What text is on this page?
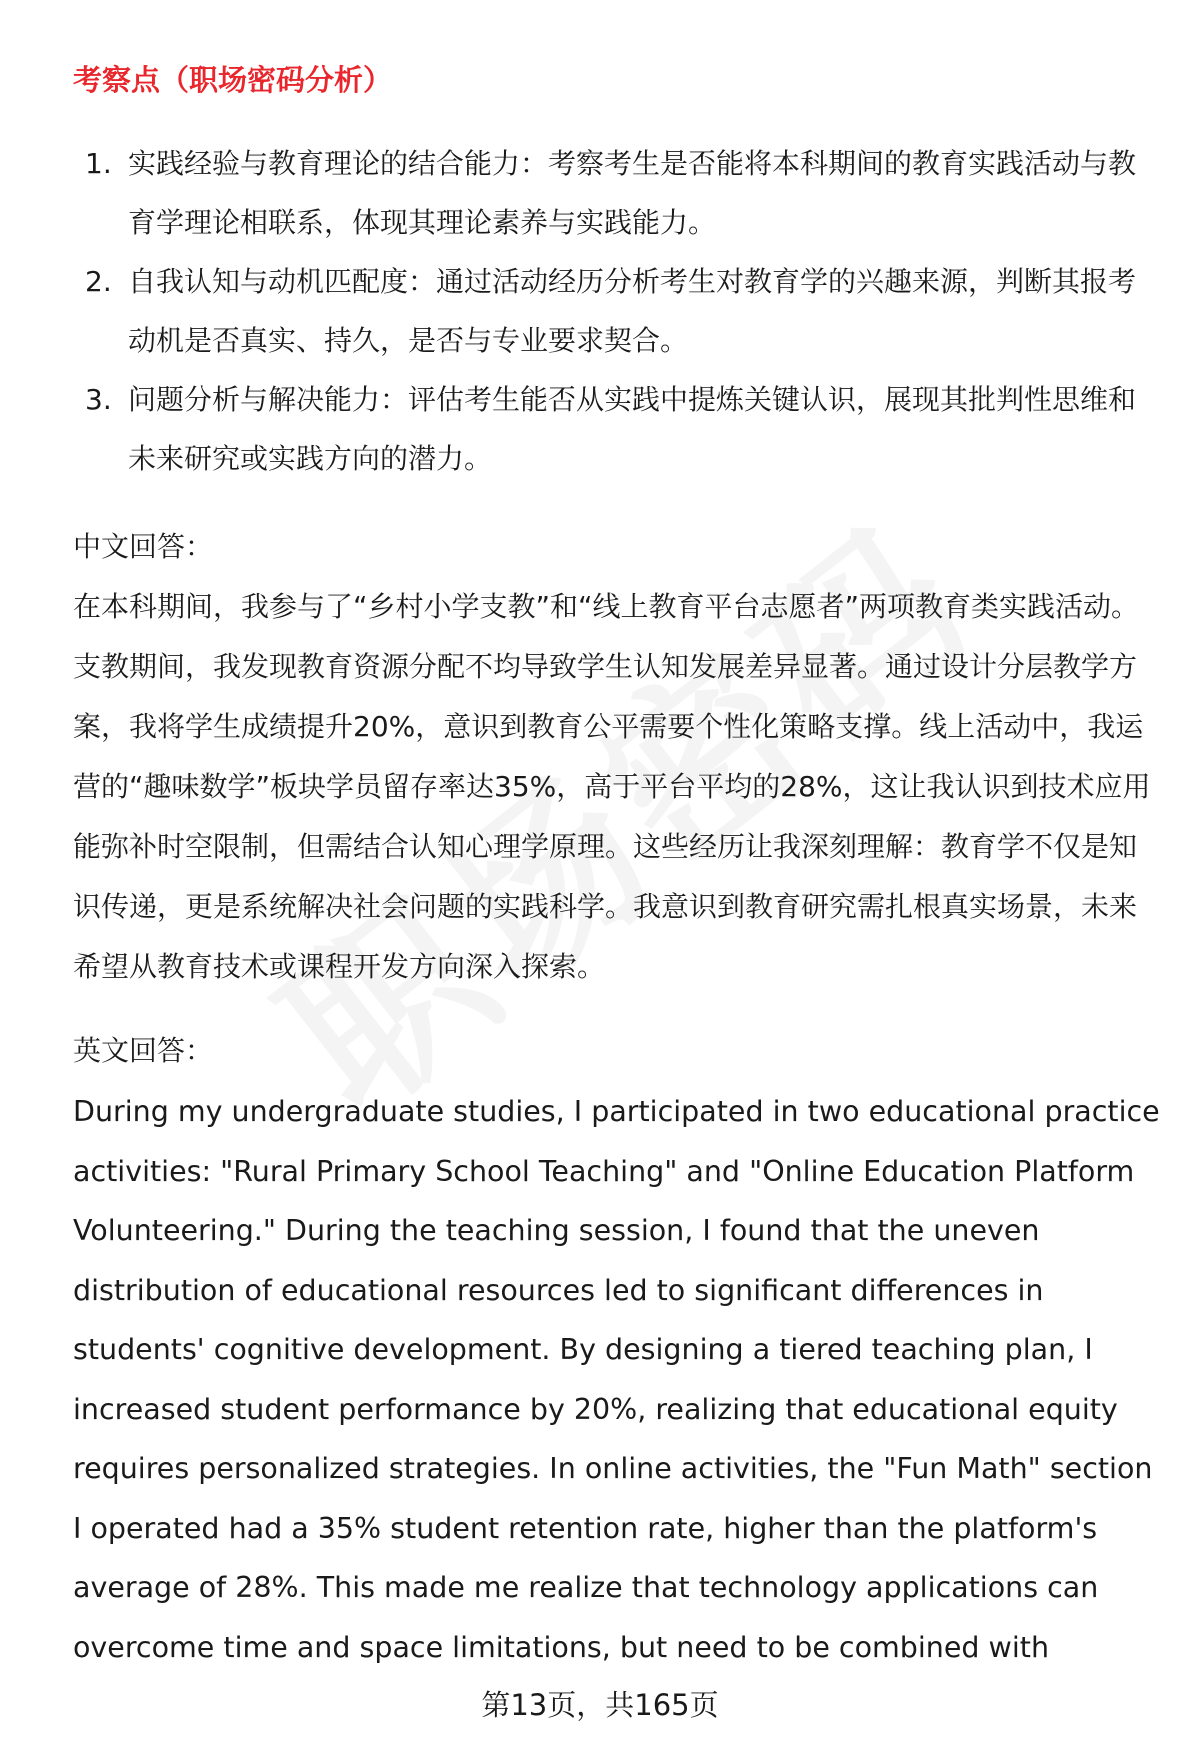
考察点（职场密码分析）
1. 实践经验与教育理论的结合能力：考察考生是否能将本科期间的教育实践活动与教育学理论相联系，体现其理论素养与实践能力。
2. 自我认知与动机匹配度：通过活动经历分析考生对教育学的兴趣来源，判断其报考动机是否真实、持久，是否与专业要求契合。
3. 问题分析与解决能力：评估考生能否从实践中提炼关键认识，展现其批判性思维和未来研究或实践方向的潜力。
中文回答：

在本科期间，我参与了“乡村小学支教”和“线上教育平台志愿者”两项教育类实践活动。支教期间，我发现教育资源分配不均导致学生认知发展差异显著。通过设计分层教学方案，我将学生成绩提升20%，意识到教育公平需要个性化策略支撑。线上活动中，我运营的“趣味数学”板块学员留存率达35%，高于平台平均的28%，这让我认识到技术应用能弥补时空限制，但需结合认知心理学原理。这些经历让我深刻理解：教育学不仅是知识传递，更是系统解决社会问题的实践科学。我意识到教育研究需扎根真实场景，未来希望从教育技术或课程开发方向深入探索。

英文回答：

During my undergraduate studies, I participated in two educational practice activities: "Rural Primary School Teaching" and "Online Education Platform Volunteering." During the teaching session, I found that the uneven distribution of educational resources led to significant differences in students' cognitive development. By designing a tiered teaching plan, I increased student performance by 20%, realizing that educational equity requires personalized strategies. In online activities, the "Fun Math" section I operated had a 35% student retention rate, higher than the platform's average of 28%. This made me realize that technology applications can overcome time and space limitations, but need to be combined with

第13页，共165页
